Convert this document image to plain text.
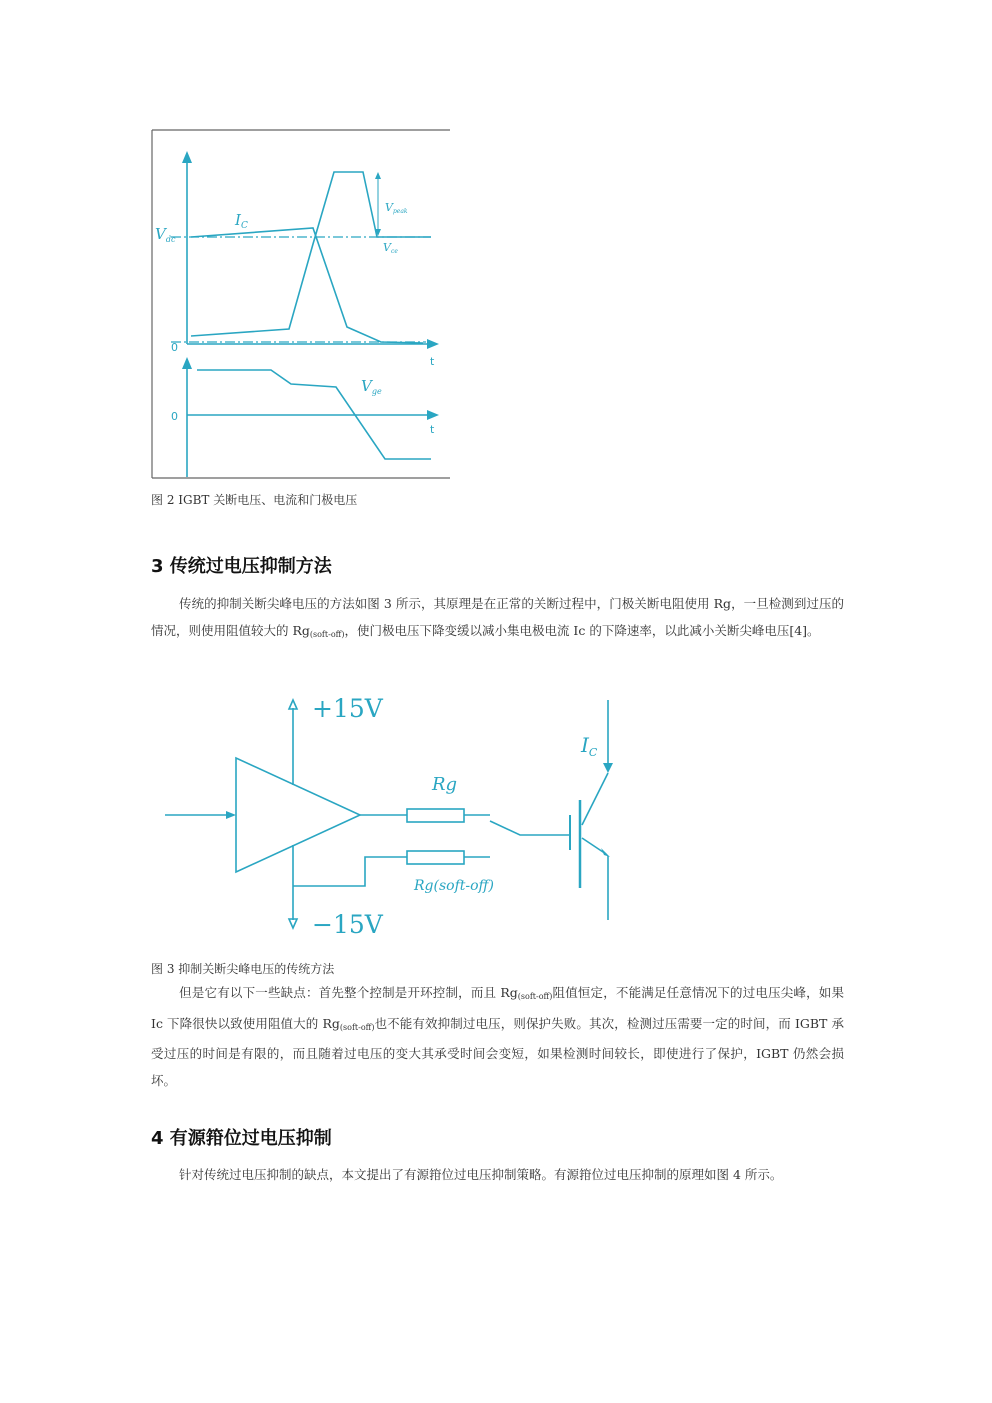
$V_{dc}$
$I_C$
Vpeak
Vce
$V_{ge}$
0
t
0
t
图 2 IGBT 关断电压、电流和门极电压
3 传统过电压抑制方法
传统的抑制关断尖峰电压的方法如图 3 所示，其原理是在正常的关断过程中，门极关断电阻使用 Rg，一旦检测到过压的情况，则使用阻值较大的 $Rg_{(soft-off)}$，使门极电压下降变缓以减小集电极电流 Ic 的下降速率，以此减小关断尖峰电压[4]。
+15V
−15V
Rg
Rg(soft-off)
$I_C$
图 3 抑制关断尖峰电压的传统方法
但是它有以下一些缺点：首先整个控制是开环控制，而且 $Rg_{(soft-off)}$阻值恒定，不能满足任意情况下的过电压尖峰，如果 Ic 下降很快以致使用阻值大的 $Rg_{(soft-off)}$也不能有效抑制过电压，则保护失败。其次，检测过压需要一定的时间，而 IGBT 承受过压的时间是有限的，而且随着过电压的变大其承受时间会变短，如果检测时间较长，即使进行了保护，IGBT 仍然会损坏。
4 有源箝位过电压抑制
针对传统过电压抑制的缺点，本文提出了有源箝位过电压抑制策略。有源箝位过电压抑制的原理如图 4 所示。
